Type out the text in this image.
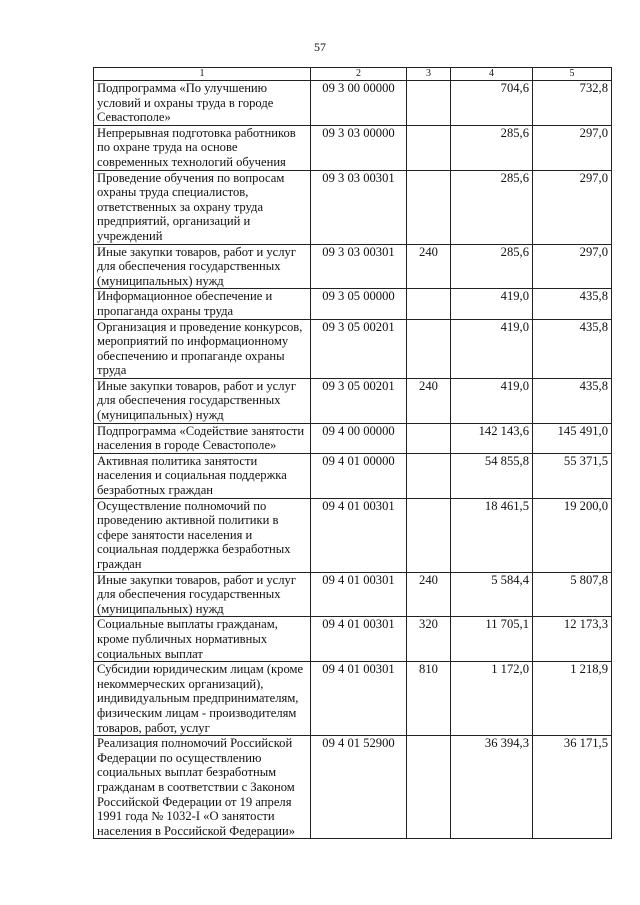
57
1	2	3	4	5
Подпрограмма «По улучшению условий и охраны труда в городе Севастополе»	09 3 00 00000		704,6	732,8
Непрерывная подготовка работников по охране труда на основе современных технологий обучения	09 3 03 00000		285,6	297,0
Проведение обучения по вопросам охраны труда специалистов, ответственных за охрану труда предприятий, организаций и учреждений	09 3 03 00301		285,6	297,0
Иные закупки товаров, работ и услуг для обеспечения государственных (муниципальных) нужд	09 3 03 00301	240	285,6	297,0
Информационное обеспечение и пропаганда охраны труда	09 3 05 00000		419,0	435,8
Организация и проведение конкурсов, мероприятий по информационному обеспечению и пропаганде охраны труда	09 3 05 00201		419,0	435,8
Иные закупки товаров, работ и услуг для обеспечения государственных (муниципальных) нужд	09 3 05 00201	240	419,0	435,8
Подпрограмма «Содействие занятости населения в городе Севастополе»	09 4 00 00000		142 143,6	145 491,0
Активная политика занятости населения и социальная поддержка безработных граждан	09 4 01 00000		54 855,8	55 371,5
Осуществление полномочий по проведению активной политики в сфере занятости населения и социальная поддержка безработных граждан	09 4 01 00301		18 461,5	19 200,0
Иные закупки товаров, работ и услуг для обеспечения государственных (муниципальных) нужд	09 4 01 00301	240	5 584,4	5 807,8
Социальные выплаты гражданам, кроме публичных нормативных социальных выплат	09 4 01 00301	320	11 705,1	12 173,3
Субсидии юридическим лицам (кроме некоммерческих организаций), индивидуальным предпринимателям, физическим лицам - производителям товаров, работ, услуг	09 4 01 00301	810	1 172,0	1 218,9
Реализация полномочий Российской Федерации по осуществлению социальных выплат безработным гражданам в соответствии с Законом Российской Федерации от 19 апреля 1991 года № 1032-I «О занятости населения в Российской Федерации»	09 4 01 52900		36 394,3	36 171,5
